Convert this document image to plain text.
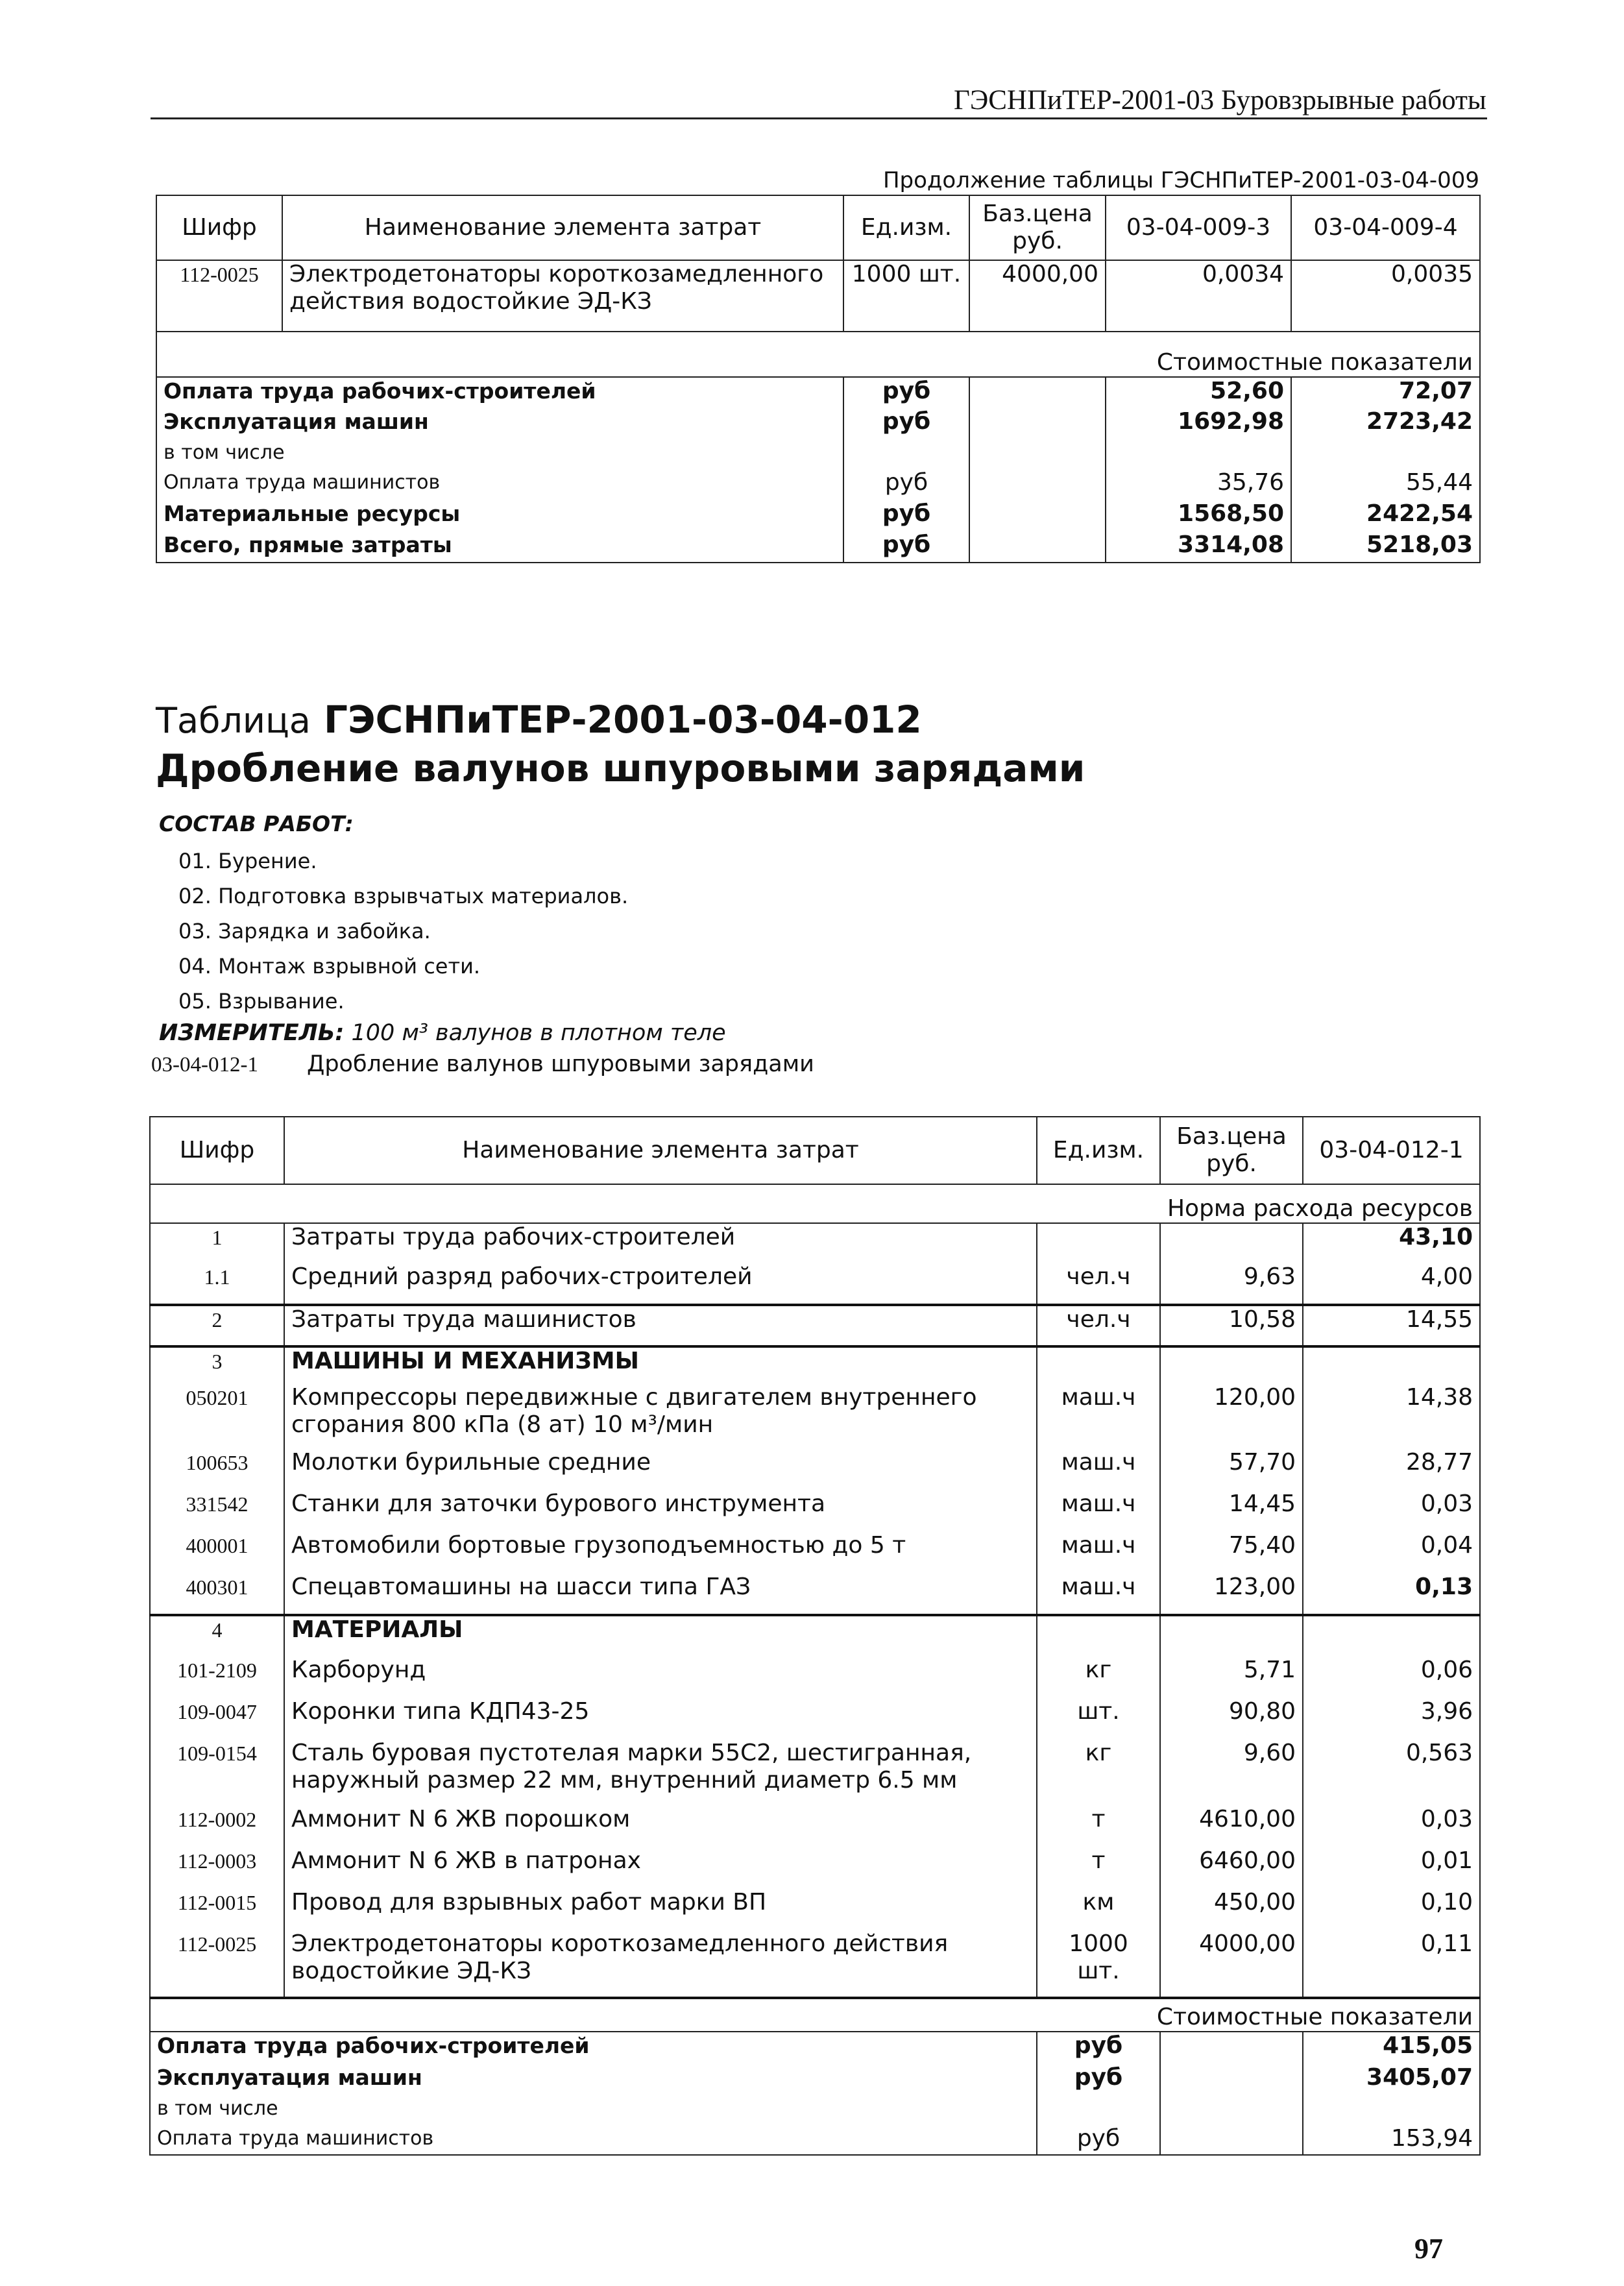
ГЭСНПиТЕР-2001-03 Буровзрывные работы
Продолжение таблицы ГЭСНПиТЕР-2001-03-04-009
Шифр	Наименование элемента затрат	Ед.изм.	Баз.цена руб.	03-04-009-3	03-04-009-4
112-0025	Электродетонаторы короткозамедленного действия водостойкие ЭД-КЗ	1000 шт.	4000,00	0,0034	0,0035
Стоимостные показатели					
Оплата труда рабочих-строителей		руб		52,60	72,07
Эксплуатация машин		руб		1692,98	2723,42
в том числе					
Оплата труда машинистов		руб		35,76	55,44
Материальные ресурсы		руб		1568,50	2422,54
Всего, прямые затраты		руб		3314,08	5218,03
Таблица ГЭСНПиТЕР-2001-03-04-012
Дробление валунов шпуровыми зарядами
СОСТАВ РАБОТ:
01. Бурение.
02. Подготовка взрывчатых материалов.
03. Зарядка и забойка.
04. Монтаж взрывной сети.
05. Взрывание.
ИЗМЕРИТЕЛЬ: 100 м³ валунов в плотном теле
03-04-012-1 Дробление валунов шпуровыми зарядами
Шифр	Наименование элемента затрат	Ед.изм.	Баз.цена руб.	03-04-012-1
Норма расхода ресурсов				
1	Затраты труда рабочих-строителей			43,10
1.1	Средний разряд рабочих-строителей	чел.ч	9,63	4,00
2	Затраты труда машинистов	чел.ч	10,58	14,55
3	МАШИНЫ И МЕХАНИЗМЫ			
050201	Компрессоры передвижные с двигателем внутреннего сгорания 800 кПа (8 ат) 10 м³/мин	маш.ч	120,00	14,38
100653	Молотки бурильные средние	маш.ч	57,70	28,77
331542	Станки для заточки бурового инструмента	маш.ч	14,45	0,03
400001	Автомобили бортовые грузоподъемностью до 5 т	маш.ч	75,40	0,04
400301	Спецавтомашины на шасси типа ГАЗ	маш.ч	123,00	0,13
4	МАТЕРИАЛЫ			
101-2109	Карборунд	кг	5,71	0,06
109-0047	Коронки типа КДП43-25	шт.	90,80	3,96
109-0154	Сталь буровая пустотелая марки 55С2, шестигранная, наружный размер 22 мм, внутренний диаметр 6.5 мм	кг	9,60	0,563
112-0002	Аммонит N 6 ЖВ порошком	т	4610,00	0,03
112-0003	Аммонит N 6 ЖВ в патронах	т	6460,00	0,01
112-0015	Провод для взрывных работ марки ВП	км	450,00	0,10
112-0025	Электродетонаторы короткозамедленного действия водостойкие ЭД-КЗ	1000 шт.	4000,00	0,11
Стоимостные показатели				
Оплата труда рабочих-строителей		руб		415,05
Эксплуатация машин		руб		3405,07
в том числе				
Оплата труда машинистов		руб		153,94
97
